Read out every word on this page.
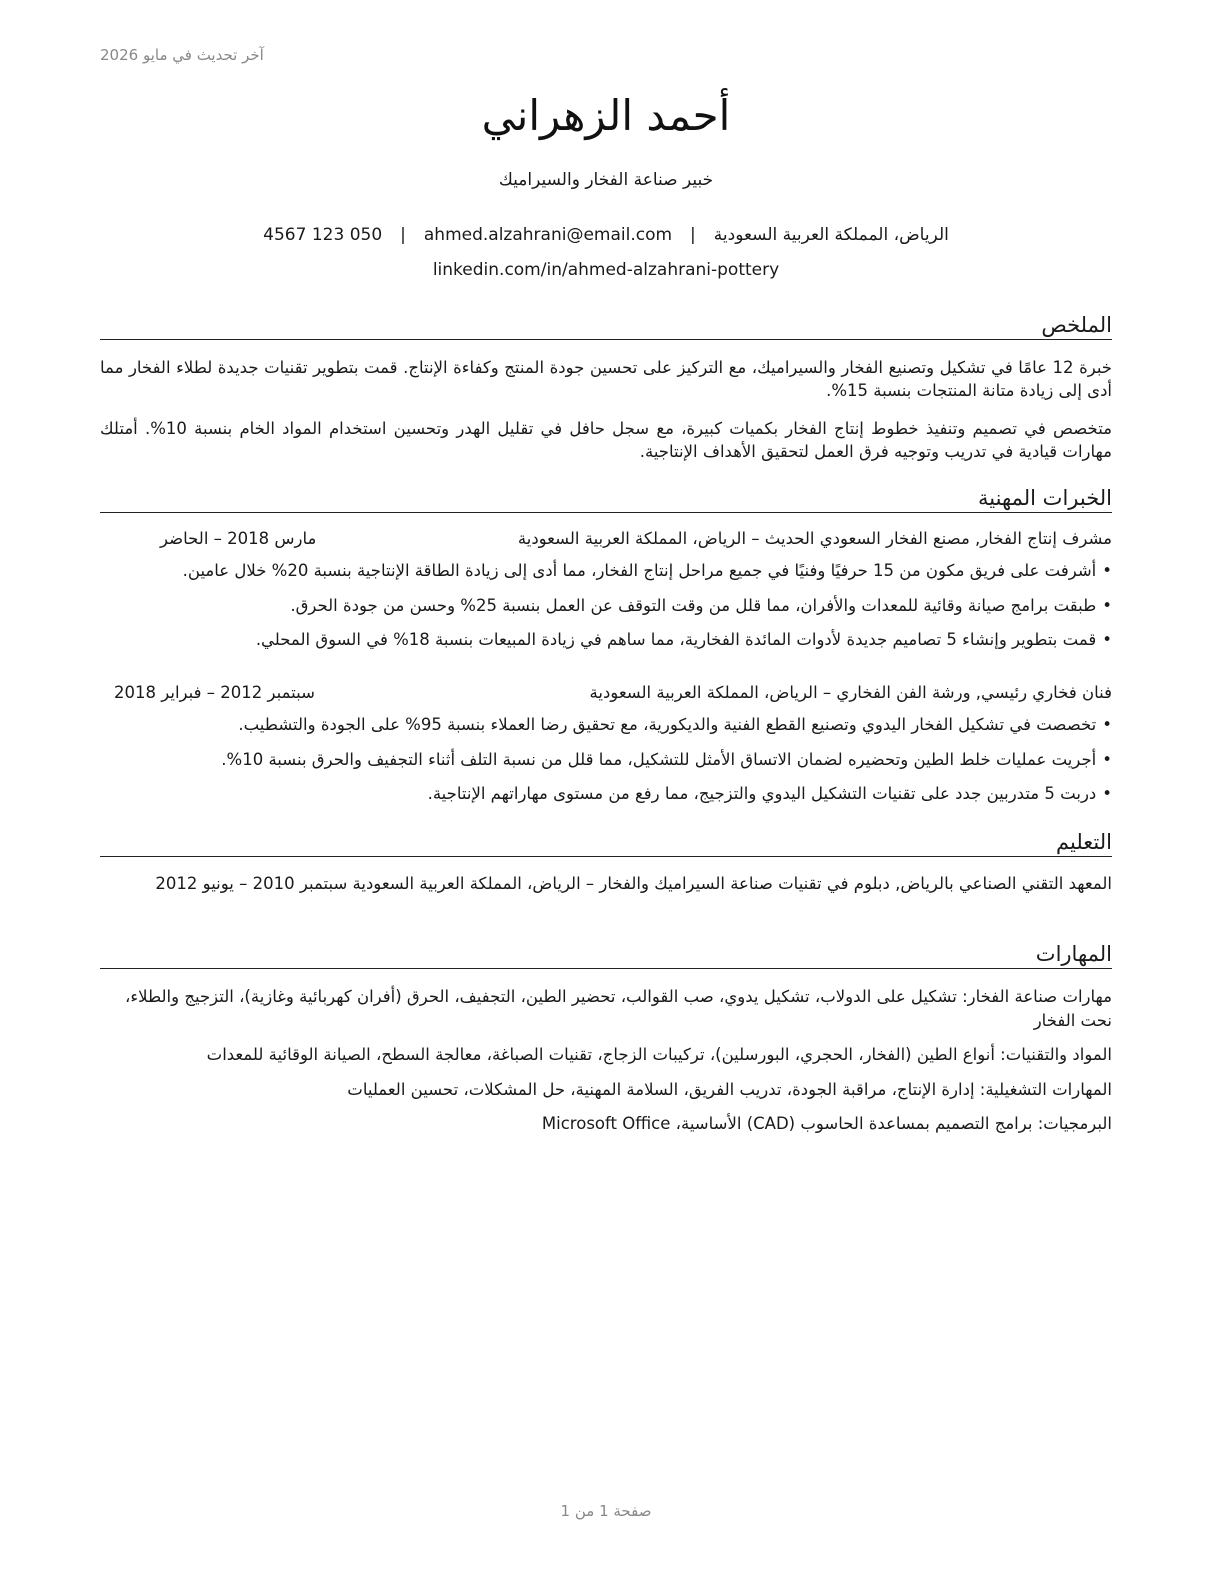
آخر تحديث في مايو 2026
أحمد الزهراني
خبير صناعة الفخار والسيراميك
الرياض، المملكة العربية السعودية|ahmed.alzahrani@email.com|050 123 4567
linkedin.com/in/ahmed-alzahrani-pottery
الملخص
خبرة 12 عامًا في تشكيل وتصنيع الفخار والسيراميك، مع التركيز على تحسين جودة المنتج وكفاءة الإنتاج. قمت بتطوير تقنيات جديدة لطلاء الفخار مما أدى إلى زيادة متانة المنتجات بنسبة 15%.
متخصص في تصميم وتنفيذ خطوط إنتاج الفخار بكميات كبيرة، مع سجل حافل في تقليل الهدر وتحسين استخدام المواد الخام بنسبة 10%. أمتلك مهارات قيادية في تدريب وتوجيه فرق العمل لتحقيق الأهداف الإنتاجية.
الخبرات المهنية
مشرف إنتاج الفخار, مصنع الفخار السعودي الحديث – الرياض، المملكة العربية السعودية
مارس 2018 – الحاضر
•أشرفت على فريق مكون من 15 حرفيًا وفنيًا في جميع مراحل إنتاج الفخار، مما أدى إلى زيادة الطاقة الإنتاجية بنسبة 20% خلال عامين.
•طبقت برامج صيانة وقائية للمعدات والأفران، مما قلل من وقت التوقف عن العمل بنسبة 25% وحسن من جودة الحرق.
•قمت بتطوير وإنشاء 5 تصاميم جديدة لأدوات المائدة الفخارية، مما ساهم في زيادة المبيعات بنسبة 18% في السوق المحلي.
فنان فخاري رئيسي, ورشة الفن الفخاري – الرياض، المملكة العربية السعودية
سبتمبر 2012 – فبراير 2018
•تخصصت في تشكيل الفخار اليدوي وتصنيع القطع الفنية والديكورية، مع تحقيق رضا العملاء بنسبة 95% على الجودة والتشطيب.
•أجريت عمليات خلط الطين وتحضيره لضمان الاتساق الأمثل للتشكيل، مما قلل من نسبة التلف أثناء التجفيف والحرق بنسبة 10%.
•دربت 5 متدربين جدد على تقنيات التشكيل اليدوي والتزجيج، مما رفع من مستوى مهاراتهم الإنتاجية.
التعليم
المعهد التقني الصناعي بالرياض, دبلوم في تقنيات صناعة السيراميك والفخار – الرياض، المملكة العربية السعودية سبتمبر 2010 – يونيو 2012
المهارات
مهارات صناعة الفخار: تشكيل على الدولاب، تشكيل يدوي، صب القوالب، تحضير الطين، التجفيف، الحرق (أفران كهربائية وغازية)، التزجيج والطلاء، نحت الفخار
المواد والتقنيات: أنواع الطين (الفخار، الحجري، البورسلين)، تركيبات الزجاج، تقنيات الصباغة، معالجة السطح، الصيانة الوقائية للمعدات
المهارات التشغيلية: إدارة الإنتاج، مراقبة الجودة، تدريب الفريق، السلامة المهنية، حل المشكلات، تحسين العمليات
البرمجيات: برامج التصميم بمساعدة الحاسوب (CAD) الأساسية، Microsoft Office
صفحة 1 من 1
